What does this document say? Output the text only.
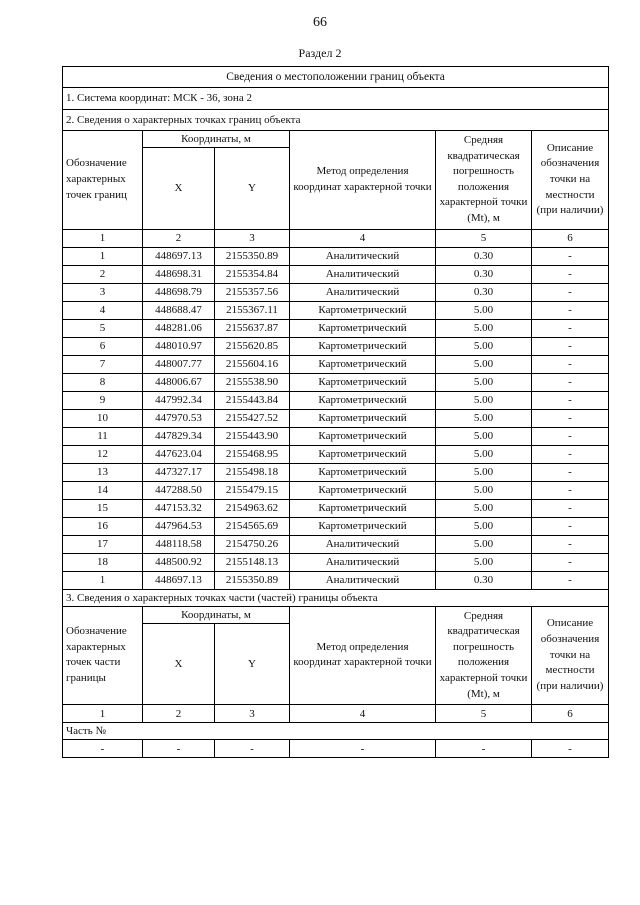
66
Раздел 2
Сведения о местоположении границ объекта					
1. Система координат: МСК - 36, зона 2					
2. Сведения о характерных точках границ объекта					
Обозначение характерных точек границ	Координаты, м		Метод определения координат характерной точки	Средняя квадратическая погрешность положения характерной точки (Mt), м	Описание обозначения точки на местности (при наличии)
	X	Y			
1	2	3	4	5	6
1	448697.13	2155350.89	Аналитический	0.30	-
2	448698.31	2155354.84	Аналитический	0.30	-
3	448698.79	2155357.56	Аналитический	0.30	-
4	448688.47	2155367.11	Картометрический	5.00	-
5	448281.06	2155637.87	Картометрический	5.00	-
6	448010.97	2155620.85	Картометрический	5.00	-
7	448007.77	2155604.16	Картометрический	5.00	-
8	448006.67	2155538.90	Картометрический	5.00	-
9	447992.34	2155443.84	Картометрический	5.00	-
10	447970.53	2155427.52	Картометрический	5.00	-
11	447829.34	2155443.90	Картометрический	5.00	-
12	447623.04	2155468.95	Картометрический	5.00	-
13	447327.17	2155498.18	Картометрический	5.00	-
14	447288.50	2155479.15	Картометрический	5.00	-
15	447153.32	2154963.62	Картометрический	5.00	-
16	447964.53	2154565.69	Картометрический	5.00	-
17	448118.58	2154750.26	Аналитический	5.00	-
18	448500.92	2155148.13	Аналитический	5.00	-
1	448697.13	2155350.89	Аналитический	0.30	-
3. Сведения о характерных точках части (частей) границы объекта					

Обозначение
характерных
точек части
границы	Координаты, м		Метод определения координат характерной точки	Средняя квадратическая погрешность положения характерной точки (Mt), м	Описание обозначения точки на местности (при наличии)
	X	Y			
1	2	3	4	5	6
Часть №					
-	-	-	-	-	-
